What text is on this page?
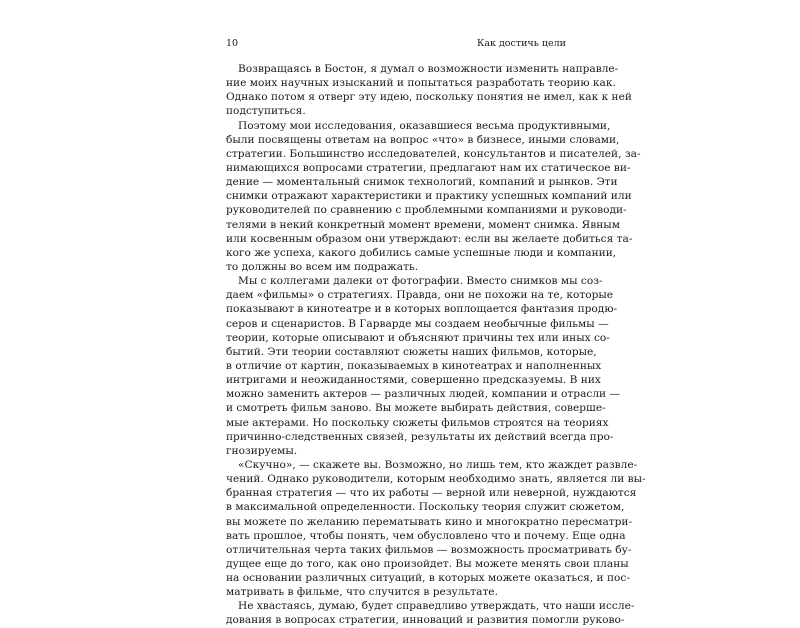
10	Как достичь цели
Возвращаясь в Бостон, я думал о возможности изменить направле-
ние моих научных изысканий и попытаться разработать теорию как.
Однако потом я отверг эту идею, поскольку понятия не имел, как к ней
подступиться.
Поэтому мои исследования, оказавшиеся весьма продуктивными,
были посвящены ответам на вопрос «что» в бизнесе, иными словами,
стратегии. Большинство исследователей, консультантов и писателей, за-
нимающихся вопросами стратегии, предлагают нам их статическое ви-
дение — моментальный снимок технологий, компаний и рынков. Эти
снимки отражают характеристики и практику успешных компаний или
руководителей по сравнению с проблемными компаниями и руководи-
телями в некий конкретный момент времени, момент снимка. Явным
или косвенным образом они утверждают: если вы желаете добиться та-
кого же успеха, какого добились самые успешные люди и компании,
то должны во всем им подражать.
Мы с коллегами далеки от фотографии. Вместо снимков мы соз-
даем «фильмы» о стратегиях. Правда, они не похожи на те, которые
показывают в кинотеатре и в которых воплощается фантазия продю-
серов и сценаристов. В Гарварде мы создаем необычные фильмы —
теории, которые описывают и объясняют причины тех или иных со-
бытий. Эти теории составляют сюжеты наших фильмов, которые,
в отличие от картин, показываемых в кинотеатрах и наполненных
интригами и неожиданностями, совершенно предсказуемы. В них
можно заменить актеров — различных людей, компании и отрасли —
и смотреть фильм заново. Вы можете выбирать действия, соверше-
мые актерами. Но поскольку сюжеты фильмов строятся на теориях
причинно-следственных связей, результаты их действий всегда про-
гнозируемы.
«Скучно», — скажете вы. Возможно, но лишь тем, кто жаждет развле-
чений. Однако руководители, которым необходимо знать, является ли вы-
бранная стратегия — что их работы — верной или неверной, нуждаются
в максимальной определенности. Поскольку теория служит сюжетом,
вы можете по желанию перематывать кино и многократно пересматри-
вать прошлое, чтобы понять, чем обусловлено что и почему. Еще одна
отличительная черта таких фильмов — возможность просматривать бу-
дущее еще до того, как оно произойдет. Вы можете менять свои планы
на основании различных ситуаций, в которых можете оказаться, и пос-
матривать в фильме, что случится в результате.
Не хвастаясь, думаю, будет справедливо утверждать, что наши иссле-
дования в вопросах стратегии, инноваций и развития помогли руково-
